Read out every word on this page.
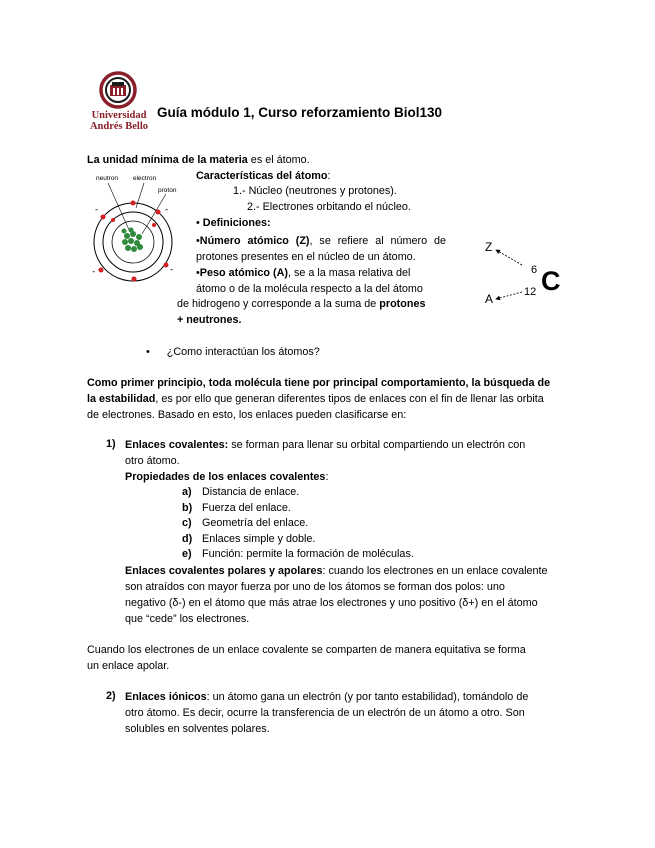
Universidad
Andrés Bello
Guía módulo 1, Curso reforzamiento Biol130
La unidad mínima de la materia es el átomo.
neutron electron
proton
-	-
-	-
Características del átomo:
1.- Núcleo (neutrones y protones).
2.- Electrones orbitando el núcleo.
• Definiciones:
•Número atómico (Z), se refiere al número de
protones presentes en el núcleo de un átomo.
•Peso atómico (A), se a la masa relativa del
átomo o de la molécula respecto a la del átomo
de hidrogeno y corresponde a la suma de protones
+ neutrones.
Z
A
6
12 C
• ¿Como interactúan los átomos?
Como primer principio, toda molécula tiene por principal comportamiento, la búsqueda de
la estabilidad, es por ello que generan diferentes tipos de enlaces con el fin de llenar las orbita
de electrones. Basado en esto, los enlaces pueden clasificarse en:
1) Enlaces covalentes: se forman para llenar su orbital compartiendo un electrón con
otro átomo.
Propiedades de los enlaces covalentes:
a) Distancia de enlace.
b) Fuerza del enlace.
c) Geometría del enlace.
d) Enlaces simple y doble.
e) Función: permite la formación de moléculas.
Enlaces covalentes polares y apolares: cuando los electrones en un enlace covalente
son atraídos con mayor fuerza por uno de los átomos se forman dos polos: uno
negativo (δ-) en el átomo que más atrae los electrones y uno positivo (δ+) en el átomo
que “cede” los electrones.
Cuando los electrones de un enlace covalente se comparten de manera equitativa se forma
un enlace apolar.
2) Enlaces iónicos: un átomo gana un electrón (y por tanto estabilidad), tomándolo de
otro átomo. Es decir, ocurre la transferencia de un electrón de un átomo a otro. Son
solubles en solventes polares.
